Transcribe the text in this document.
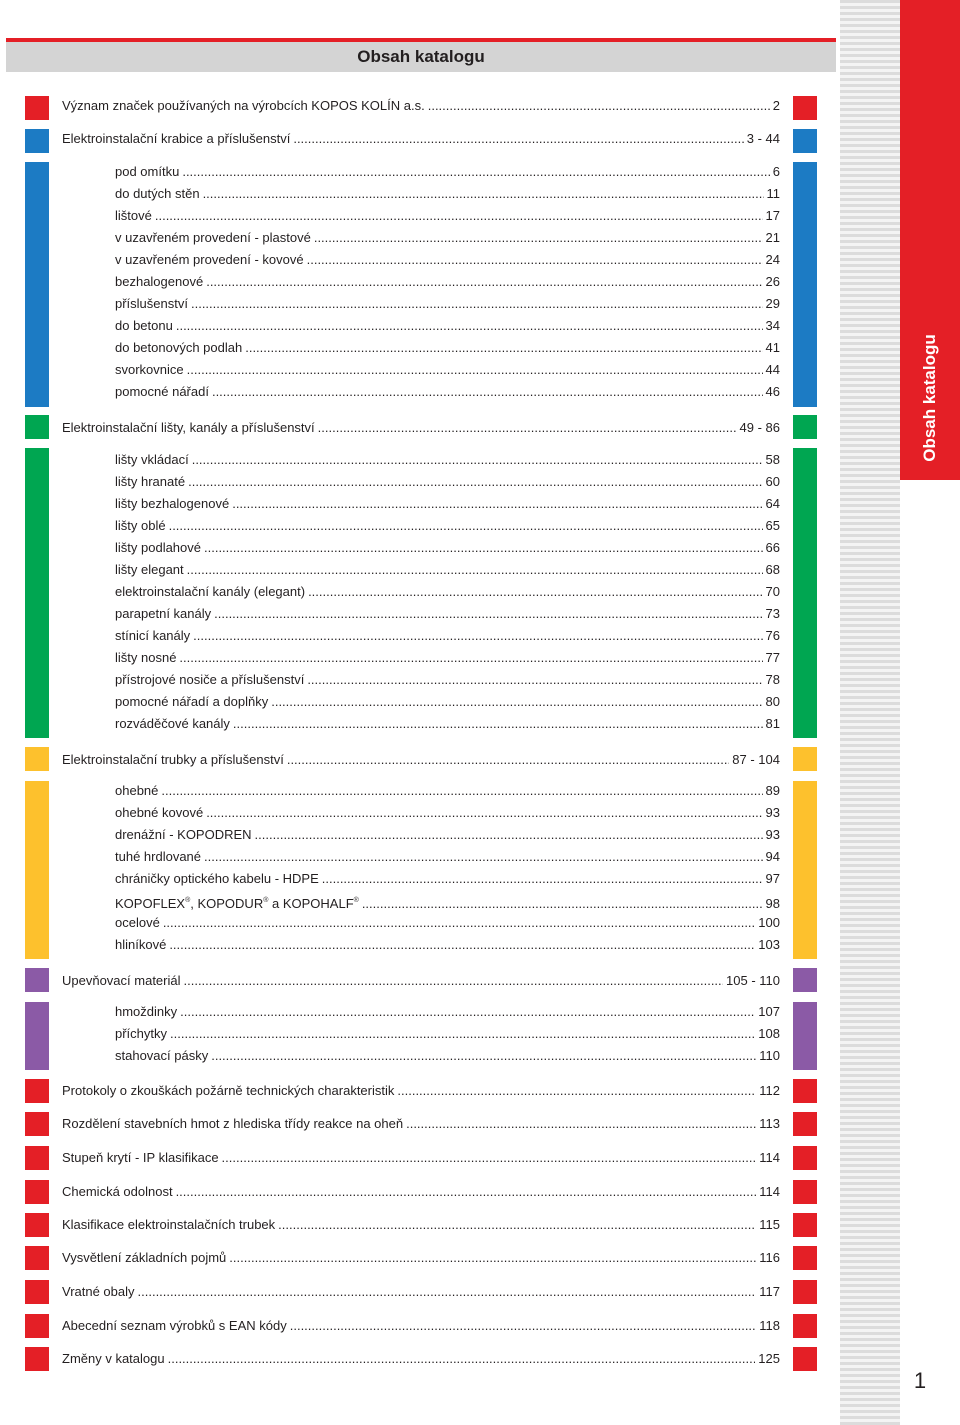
Obsah katalogu
1
Obsah katalogu
Význam značek používaných na výrobcích KOPOS KOLÍN a.s. .....	2
Elektroinstalační krabice a příslušenství .....	3 - 44
pod omítku .....	6
do dutých stěn .....	11
lištové .....	17
v uzavřeném provedení - plastové .....	21
v uzavřeném provedení - kovové .....	24
bezhalogenové .....	26
příslušenství .....	29
do betonu .....	34
do betonových podlah .....	41
svorkovnice .....	44
pomocné nářadí .....	46
Elektroinstalační lišty, kanály a příslušenství .....	49 - 86
lišty vkládací .....	58
lišty hranaté .....	60
lišty bezhalogenové .....	64
lišty oblé .....	65
lišty podlahové .....	66
lišty elegant .....	68
elektroinstalační kanály (elegant) .....	70
parapetní kanály .....	73
stínicí kanály .....	76
lišty nosné .....	77
přístrojové nosiče a příslušenství .....	78
pomocné nářadí a doplňky .....	80
rozváděčové kanály .....	81
Elektroinstalační trubky a příslušenství .....	87 - 104
ohebné .....	89
ohebné kovové .....	93
drenážní - KOPODREN .....	93
tuhé hrdlované .....	94
chráničky optického kabelu - HDPE .....	97
KOPOFLEX®, KOPODUR® a KOPOHALF® .....	98
ocelové .....	100
hliníkové .....	103
Upevňovací materiál .....	105 - 110
hmoždinky .....	107
příchytky .....	108
stahovací pásky .....	110
Protokoly o zkouškách požárně technických charakteristik .....	112
Rozdělení stavebních hmot z hlediska třídy reakce na oheň .....	113
Stupeň krytí - IP klasifikace .....	114
Chemická odolnost .....	114
Klasifikace elektroinstalačních trubek .....	115
Vysvětlení základních pojmů .....	116
Vratné obaly .....	117
Abecední seznam výrobků s EAN kódy .....	118
Změny v katalogu .....	125
